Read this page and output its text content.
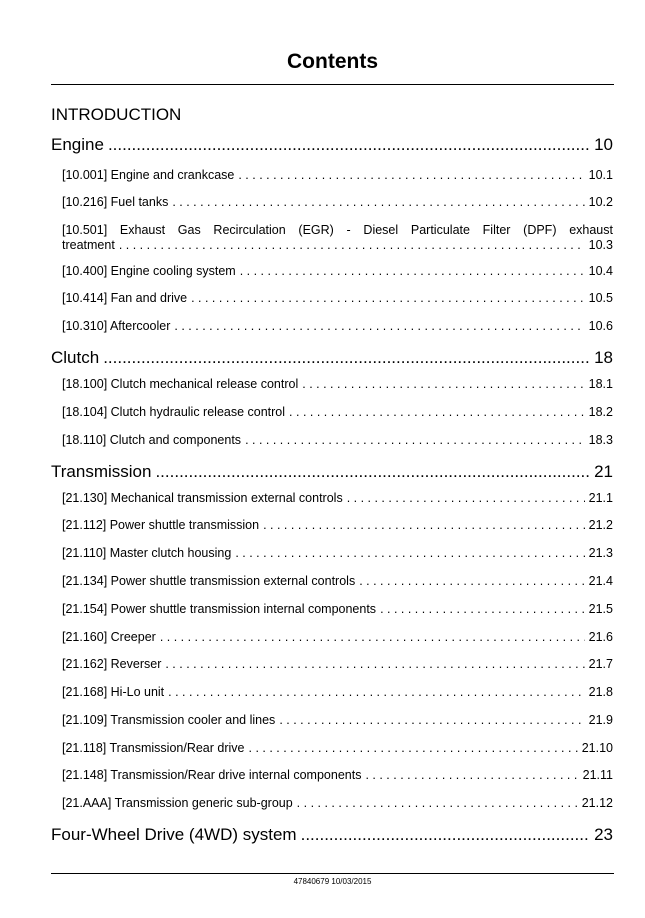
Contents
INTRODUCTION
Engine .....	10
[10.001] Engine and crankcase . . .	10.1
[10.216] Fuel tanks . . .	10.2
[10.501] Exhaust Gas Recirculation (EGR) - Diesel Particulate Filter (DPF) exhaust
treatment . . .	10.3
[10.400] Engine cooling system . . .	10.4
[10.414] Fan and drive . . .	10.5
[10.310] Aftercooler . . .	10.6
Clutch .....	18
[18.100] Clutch mechanical release control . . .	18.1
[18.104] Clutch hydraulic release control . . .	18.2
[18.110] Clutch and components . . .	18.3
Transmission .....	21
[21.130] Mechanical transmission external controls . . .	21.1
[21.112] Power shuttle transmission . . .	21.2
[21.110] Master clutch housing . . .	21.3
[21.134] Power shuttle transmission external controls . . .	21.4
[21.154] Power shuttle transmission internal components . . .	21.5
[21.160] Creeper . . .	21.6
[21.162] Reverser . . .	21.7
[21.168] Hi-Lo unit . . .	21.8
[21.109] Transmission cooler and lines . . .	21.9
[21.118] Transmission/Rear drive . . .	21.10
[21.148] Transmission/Rear drive internal components . . .	21.11
[21.AAA] Transmission generic sub-group . . .	21.12
Four-Wheel Drive (4WD) system .....	23
47840679 10/03/2015
